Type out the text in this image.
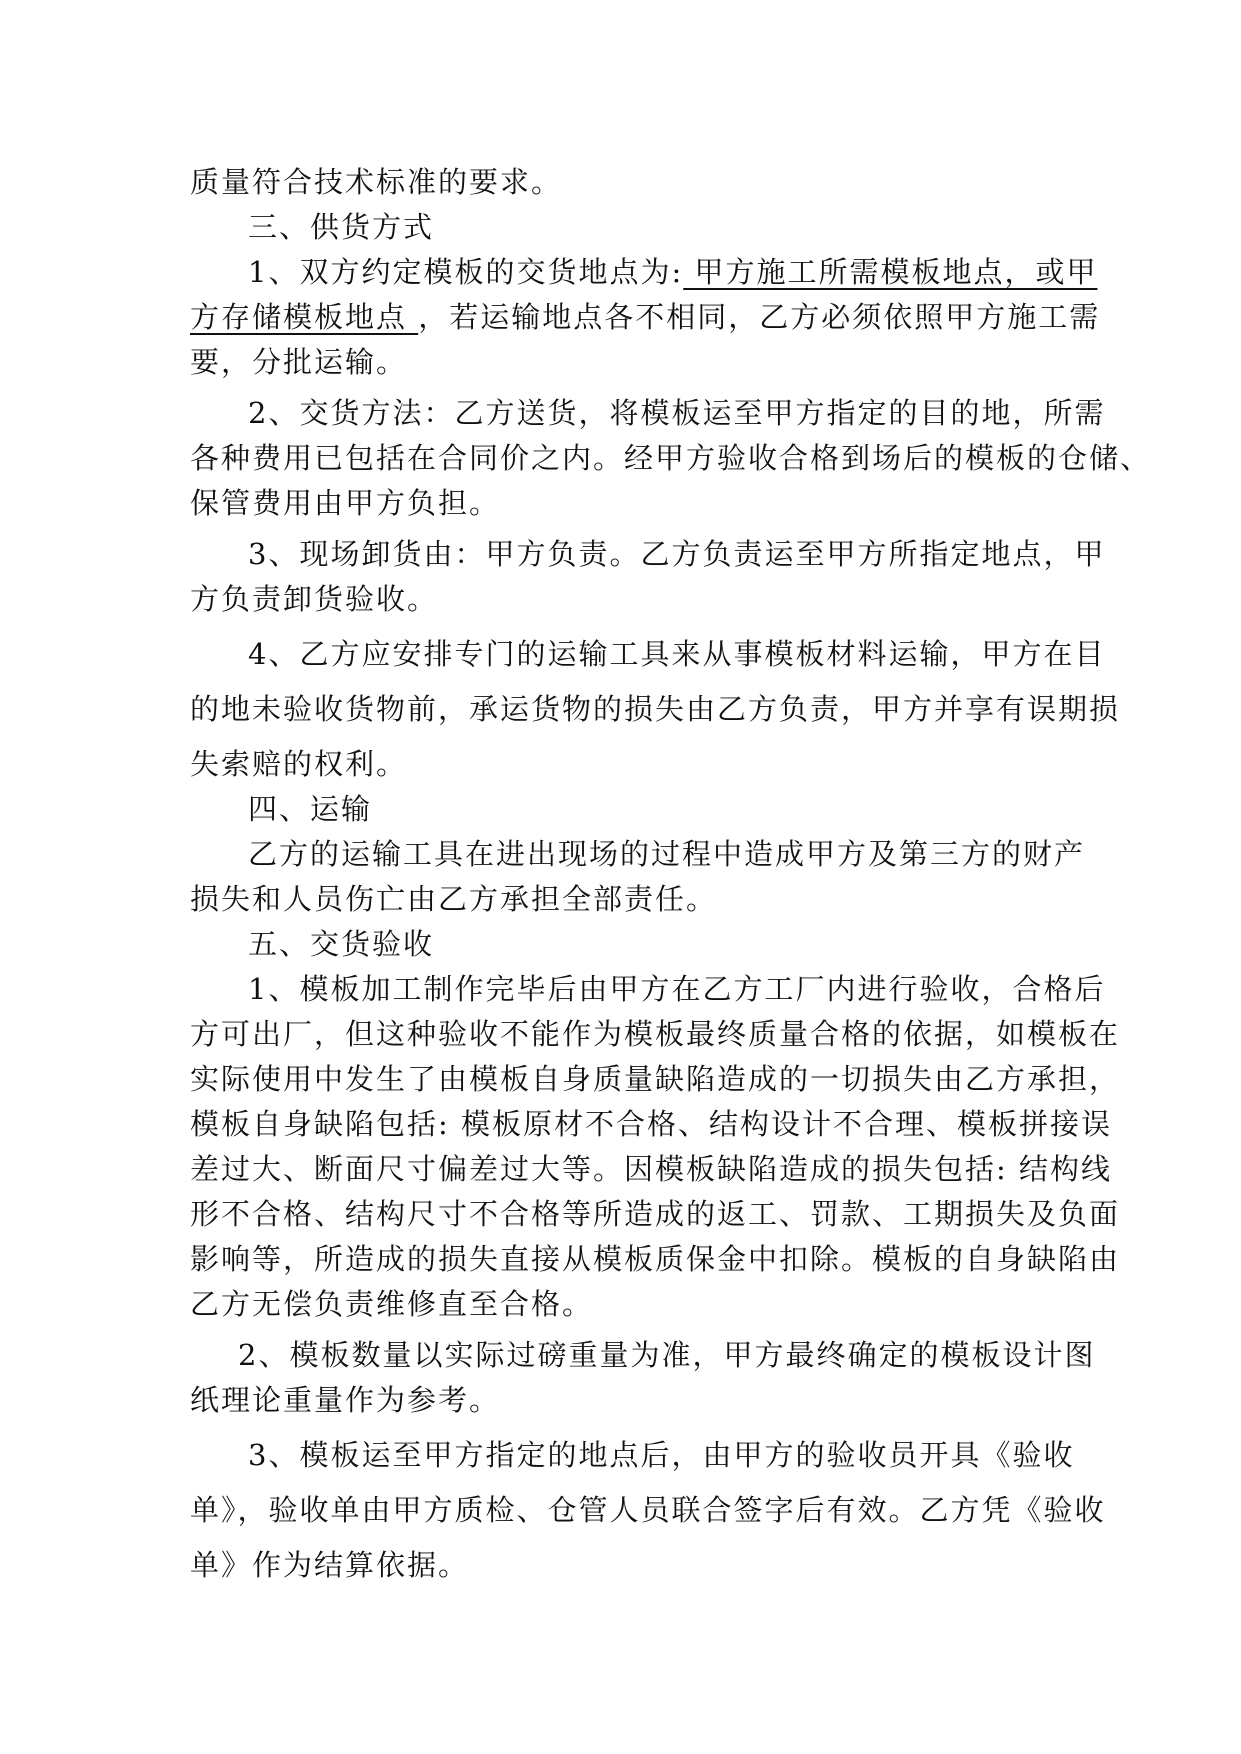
质量符合技术标准的要求。
三、供货方式
1、双方约定模板的交货地点为: 甲方施工所需模板地点，或甲
方存储模板地点 ，若运输地点各不相同，乙方必须依照甲方施工需
要，分批运输。
2、交货方法：乙方送货，将模板运至甲方指定的目的地，所需
各种费用已包括在合同价之内。经甲方验收合格到场后的模板的仓储、
保管费用由甲方负担。
3、现场卸货由：甲方负责。乙方负责运至甲方所指定地点，甲
方负责卸货验收。
4、乙方应安排专门的运输工具来从事模板材料运输，甲方在目
的地未验收货物前，承运货物的损失由乙方负责，甲方并享有误期损
失索赔的权利。
四、运输
乙方的运输工具在进出现场的过程中造成甲方及第三方的财产
损失和人员伤亡由乙方承担全部责任。
五、交货验收
1、模板加工制作完毕后由甲方在乙方工厂内进行验收，合格后
方可出厂，但这种验收不能作为模板最终质量合格的依据，如模板在
实际使用中发生了由模板自身质量缺陷造成的一切损失由乙方承担，
模板自身缺陷包括: 模板原材不合格、结构设计不合理、模板拼接误
差过大、断面尺寸偏差过大等。因模板缺陷造成的损失包括: 结构线
形不合格、结构尺寸不合格等所造成的返工、罚款、工期损失及负面
影响等，所造成的损失直接从模板质保金中扣除。模板的自身缺陷由
乙方无偿负责维修直至合格。
2、模板数量以实际过磅重量为准，甲方最终确定的模板设计图
纸理论重量作为参考。
3、模板运至甲方指定的地点后，由甲方的验收员开具《验收
单》，验收单由甲方质检、仓管人员联合签字后有效。乙方凭《验收
单》作为结算依据。
